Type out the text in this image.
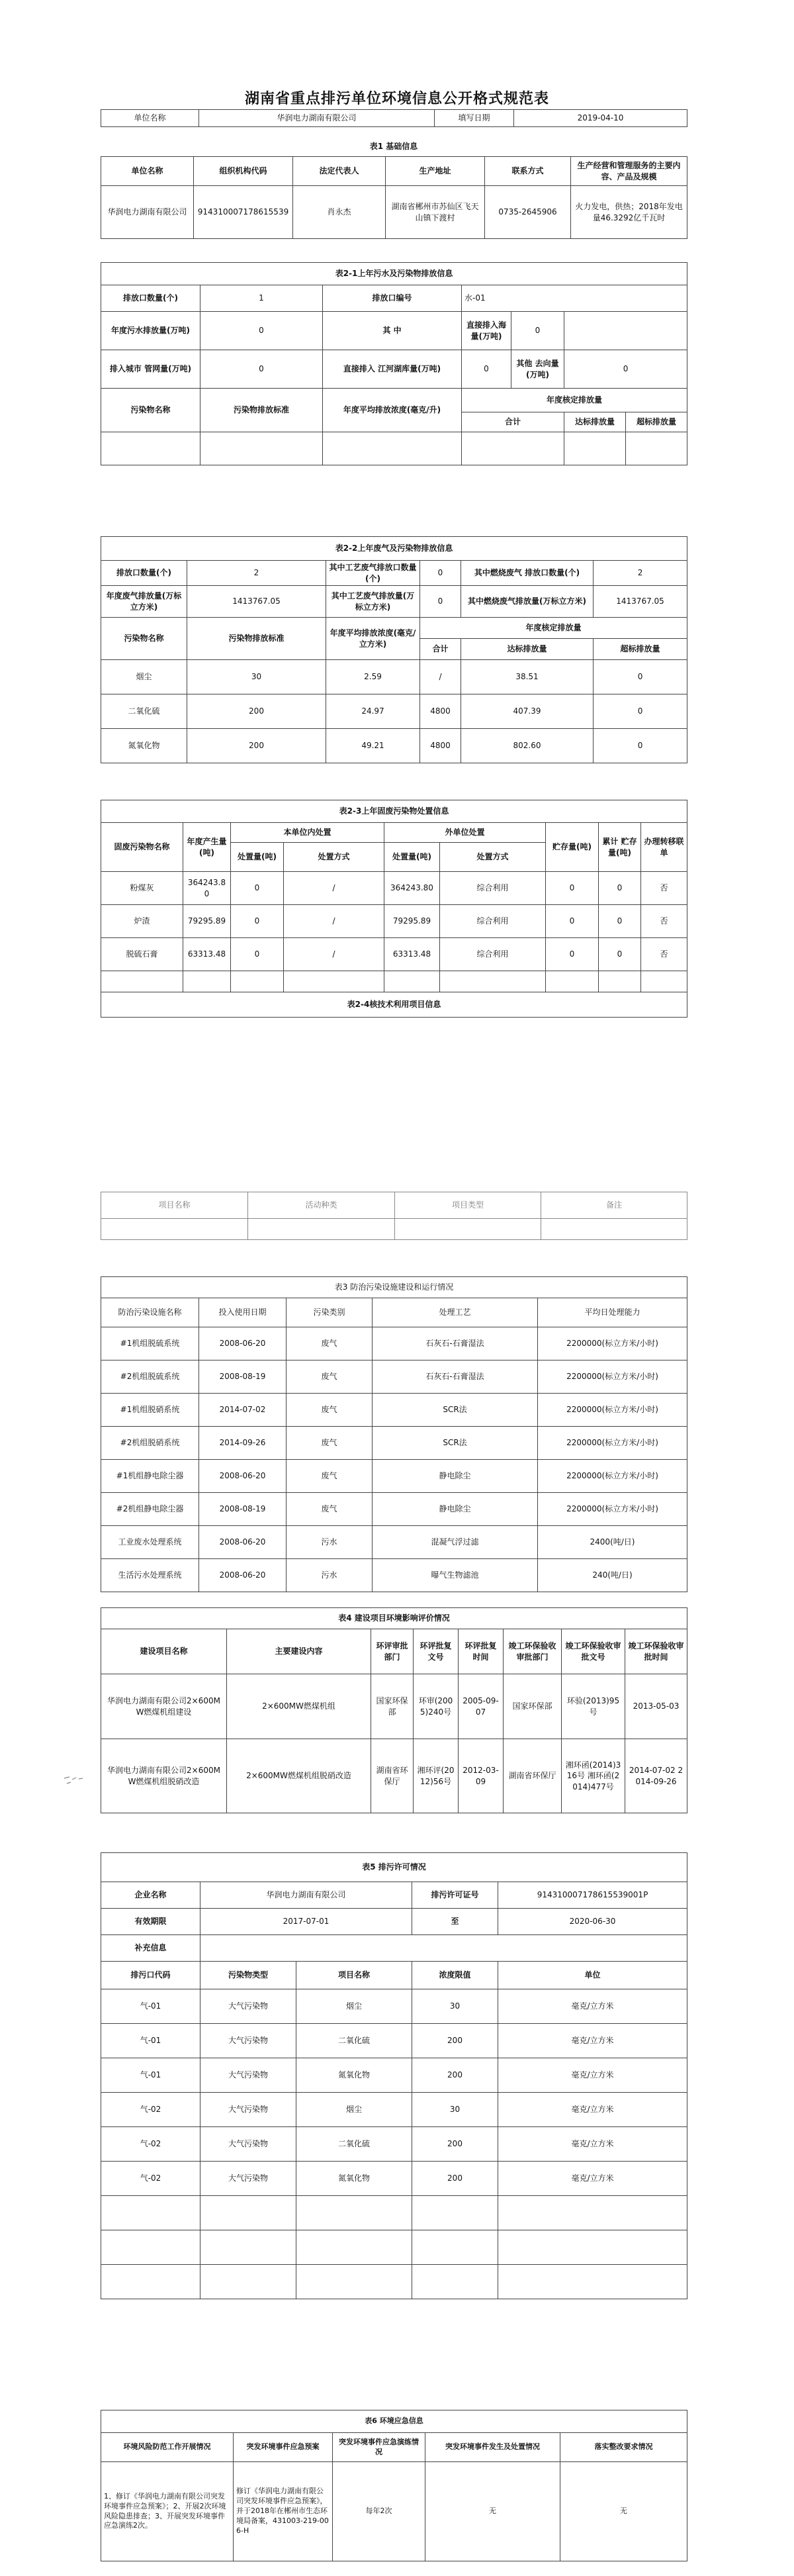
湖南省重点排污单位环境信息公开格式规范表
单位名称	华润电力湖南有限公司	填写日期	2019-04-10
表1 基础信息
单位名称	组织机构代码	法定代表人	生产地址	联系方式	生产经营和管理服务的主要内容、产品及规模
华润电力湖南有限公司	914310007178615539	肖永杰	湖南省郴州市苏仙区飞天山镇下渡村	0735-2645906	火力发电，供热；2018年发电量46.3292亿千瓦时
表2-1上年污水及污染物排放信息						
排放口数量(个)	1	排放口编号	水-01			
年度污水排放量(万吨)	0	其 中	直接排入海量(万吨)	0		
排入城市 管网量(万吨)	0	直接排入 江河湖库量(万吨)	0	其他 去向量(万吨)	0	
污染物名称	污染物排放标准	年度平均排放浓度(毫克/升)	年度核定排放量			
			合计		达标排放量	超标排放量

表2-2上年废气及污染物排放信息					
排放口数量(个)	2	其中工艺废气排放口数量(个)	0	其中燃烧废气 排放口数量(个)	2
年度废气排放量(万标立方米)	1413767.05	其中工艺废气排放量(万标立方米)	0	其中燃烧废气排放量(万标立方米)	1413767.05
污染物名称	污染物排放标准	年度平均排放浓度(毫克/立方米)	年度核定排放量		
			合计	达标排放量	超标排放量
烟尘	30	2.59	/	38.51	0
二氧化硫	200	24.97	4800	407.39	0
氮氧化物	200	49.21	4800	802.60	0
表2-3上年固废污染物处置信息								
固废污染物名称	年度产生量(吨)	本单位内处置		外单位处置		贮存量(吨)	累计 贮存量(吨)	办理转移联单
		处置量(吨)	处置方式	处置量(吨)	处置方式			
粉煤灰	364243.80	0	/	364243.80	综合利用	0	0	否
炉渣	79295.89	0	/	79295.89	综合利用	0	0	否
脱硫石膏	63313.48	0	/	63313.48	综合利用	0	0	否

表2-4核技术利用项目信息								
项目名称	活动种类	项目类型	备注

表3 防治污染设施建设和运行情况				
防治污染设施名称	投入使用日期	污染类别	处理工艺	平均日处理能力
#1机组脱硫系统	2008-06-20	废气	石灰石-石膏湿法	2200000(标立方米/小时)
#2机组脱硫系统	2008-08-19	废气	石灰石-石膏湿法	2200000(标立方米/小时)
#1机组脱硝系统	2014-07-02	废气	SCR法	2200000(标立方米/小时)
#2机组脱硝系统	2014-09-26	废气	SCR法	2200000(标立方米/小时)
#1机组静电除尘器	2008-06-20	废气	静电除尘	2200000(标立方米/小时)
#2机组静电除尘器	2008-08-19	废气	静电除尘	2200000(标立方米/小时)
工业废水处理系统	2008-06-20	污水	混凝气浮过滤	2400(吨/日)
生活污水处理系统	2008-06-20	污水	曝气生物滤池	240(吨/日)
表4 建设项目环境影响评价情况							
建设项目名称	主要建设内容	环评审批部门	环评批复文号	环评批复时间	竣工环保验收审批部门	竣工环保验收审批文号	竣工环保验收审批时间
华润电力湖南有限公司2×600MW燃煤机组建设	2×600MW燃煤机组	国家环保部	环审(2005)240号	2005-09-07	国家环保部	环验(2013)95号	2013-05-03
华润电力湖南有限公司2×600MW燃煤机组脱硝改造	2×600MW燃煤机组脱硝改造	湖南省环保厅	湘环评(2012)56号	2012-03-09	湖南省环保厅	湘环函(2014)316号 湘环函(2014)477号	2014-07-02 2014-09-26
表5 排污许可情况				
企业名称	华润电力湖南有限公司		排污许可证号	914310007178615539001P
有效期限	2017-07-01		至	2020-06-30
补充信息				
排污口代码	污染物类型	项目名称	浓度限值	单位
气-01	大气污染物	烟尘	30	毫克/立方米
气-01	大气污染物	二氧化硫	200	毫克/立方米
气-01	大气污染物	氮氧化物	200	毫克/立方米
气-02	大气污染物	烟尘	30	毫克/立方米
气-02	大气污染物	二氧化硫	200	毫克/立方米
气-02	大气污染物	氮氧化物	200	毫克/立方米

表6 环境应急信息				
环境风险防范工作开展情况	突发环境事件应急预案	突发环境事件应急演练情况	突发环境事件发生及处置情况	落实整改要求情况
1、修订《华润电力湖南有限公司突发环境事件应急预案》；2、开展2次环境风险隐患排查；3、开展突发环境事件应急演练2次。	修订《华润电力湖南有限公司突发环境事件应急预案》，并于2018年在郴州市生态环境局备案，431003-219-006-H	每年2次	无	无
